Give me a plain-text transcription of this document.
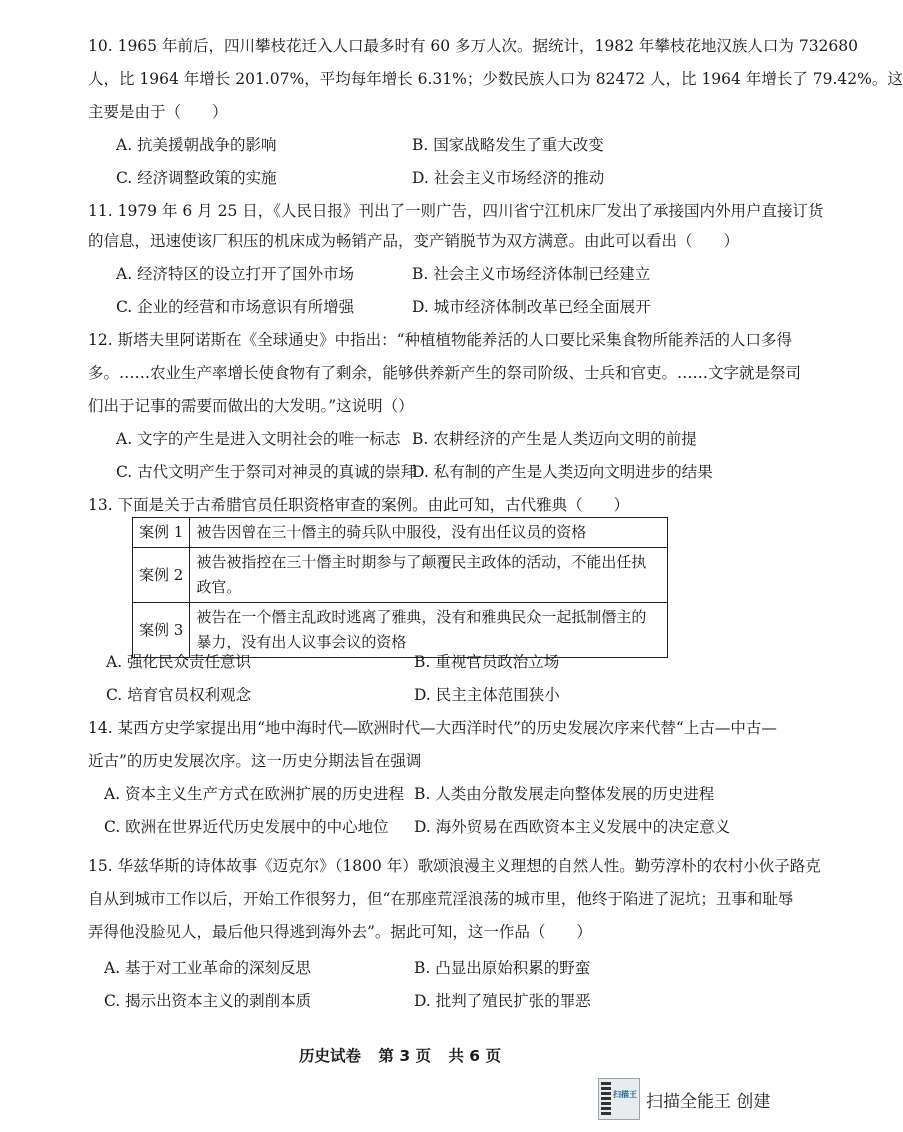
10. 1965 年前后，四川攀枝花迁入人口最多时有 60 多万人次。据统计，1982 年攀枝花地汉族人口为 732680
人，比 1964 年增长 201.07%，平均每年增长 6.31%；少数民族人口为 82472 人，比 1964 年增长了 79.42%。这
主要是由于（　　）
A. 抗美援朝战争的影响	B. 国家战略发生了重大改变
C. 经济调整政策的实施	D. 社会主义市场经济的推动
11. 1979 年 6 月 25 日，《人民日报》刊出了一则广告，四川省宁江机床厂发出了承接国内外用户直接订货
的信息，迅速使该厂积压的机床成为畅销产品，变产销脱节为双方满意。由此可以看出（　　）
A. 经济特区的设立打开了国外市场	B. 社会主义市场经济体制已经建立
C. 企业的经营和市场意识有所增强	D. 城市经济体制改革已经全面展开
12. 斯塔夫里阿诺斯在《全球通史》中指出：“种植植物能养活的人口要比采集食物所能养活的人口多得
多。……农业生产率增长使食物有了剩余，能够供养新产生的祭司阶级、士兵和官吏。……文字就是祭司
们出于记事的需要而做出的大发明。”这说明（）
A. 文字的产生是进入文明社会的唯一标志 B. 农耕经济的产生是人类迈向文明的前提
C. 古代文明产生于祭司对神灵的真诚的崇拜
D. 私有制的产生是人类迈向文明进步的结果
13. 下面是关于古希腊官员任职资格审查的案例。由此可知，古代雅典（　　）
案例 1	被告因曾在三十僭主的骑兵队中服役，没有出任议员的资格
案例 2	被告被指控在三十僭主时期参与了颠覆民主政体的活动，不能出任执政官。
案例 3	被告在一个僭主乱政时逃离了雅典，没有和雅典民众一起抵制僭主的暴力，没有出人议事会议的资格
A. 强化民众责任意识	B. 重视官员政治立场
C. 培育官员权利观念	D. 民主主体范围狭小
14. 某西方史学家提出用“地中海时代—欧洲时代—大西洋时代”的历史发展次序来代替“上古—中古—
近古”的历史发展次序。这一历史分期法旨在强调
A. 资本主义生产方式在欧洲扩展的历史进程 B. 人类由分散发展走向整体发展的历史进程
C. 欧洲在世界近代历史发展中的中心地位 D. 海外贸易在西欧资本主义发展中的决定意义
15. 华兹华斯的诗体故事《迈克尔》（1800 年）歌颂浪漫主义理想的自然人性。勤劳淳朴的农村小伙子路克
自从到城市工作以后，开始工作很努力，但“在那座荒淫浪荡的城市里，他终于陷进了泥坑；丑事和耻辱
弄得他没脸见人，最后他只得逃到海外去”。据此可知，这一作品（　　）
A. 基于对工业革命的深刻反思	B. 凸显出原始积累的野蛮
C. 揭示出资本主义的剥削本质	D. 批判了殖民扩张的罪恶
历史试卷 第 3 页 共 6 页
扫描王 扫描全能王 创建
